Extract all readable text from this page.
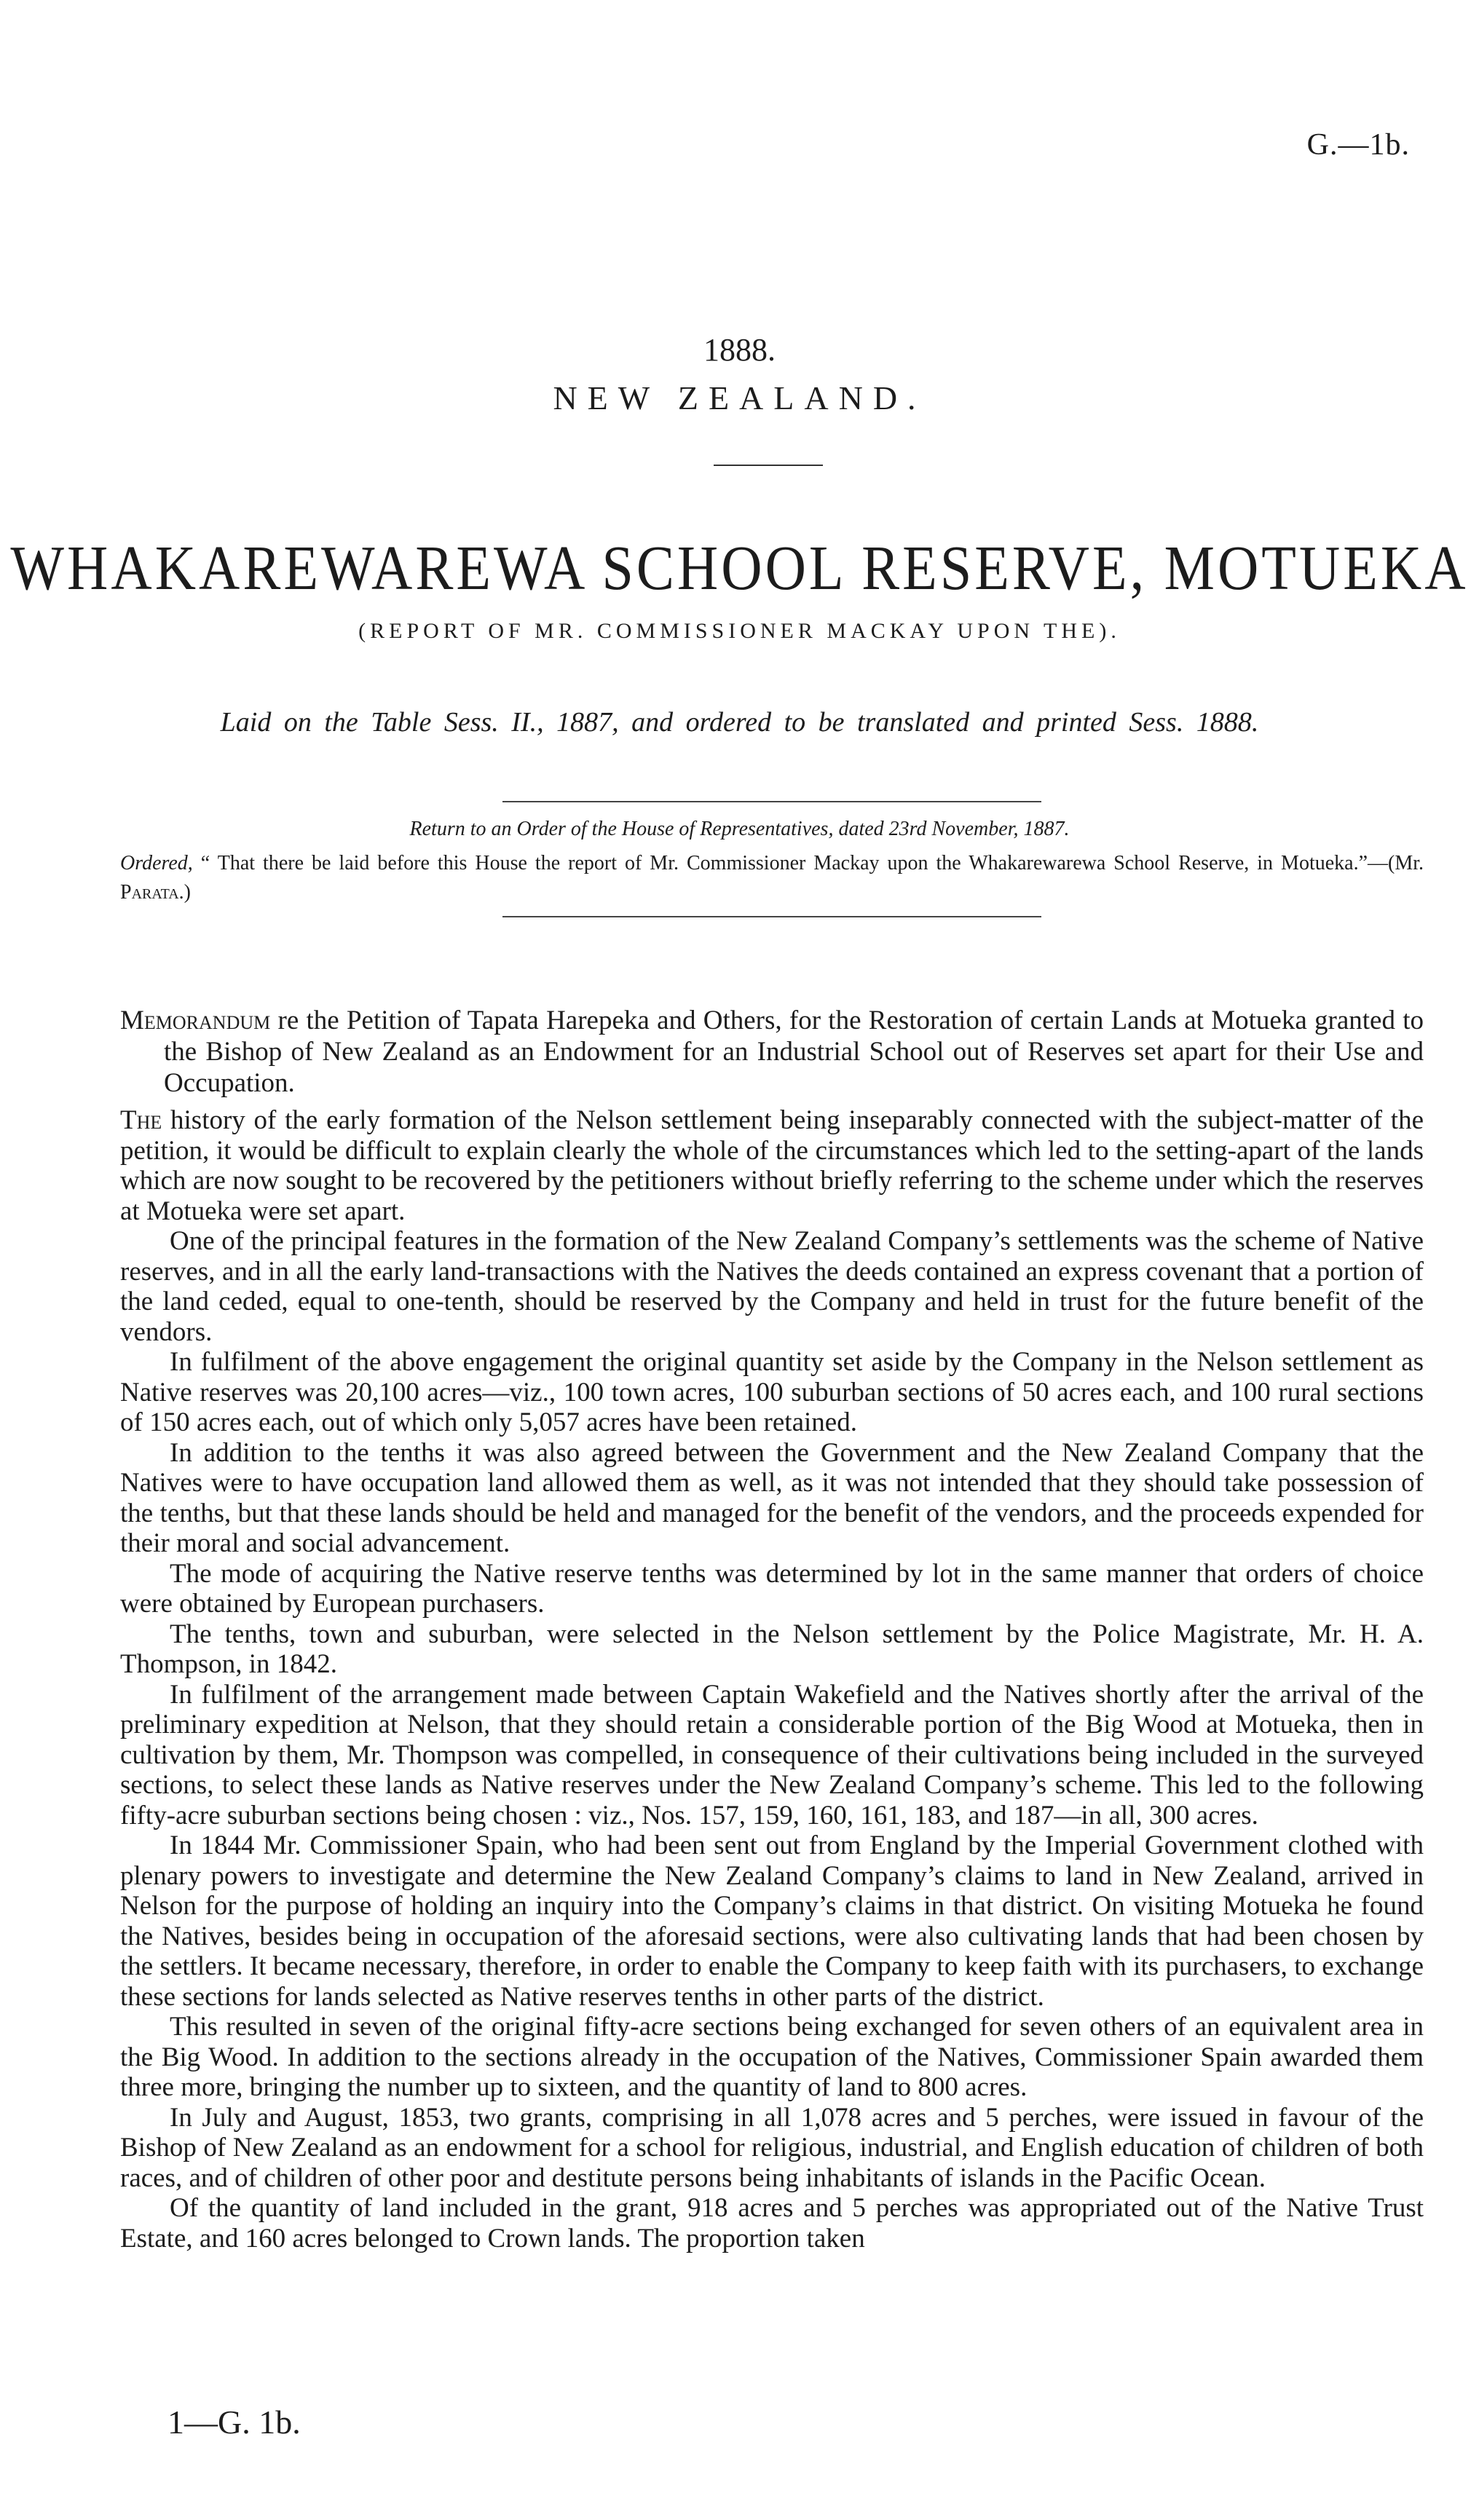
G.—1b.
1888.
NEW ZEALAND.
WHAKAREWAREWA SCHOOL RESERVE, MOTUEKA
(REPORT OF MR. COMMISSIONER MACKAY UPON THE).
Laid on the Table Sess. II., 1887, and ordered to be translated and printed Sess. 1888.
Return to an Order of the House of Representatives, dated 23rd November, 1887.
Ordered, “ That there be laid before this House the report of Mr. Commissioner Mackay upon the Whakarewarewa School Reserve, in Motueka.”—(Mr. Parata.)
Memorandum re the Petition of Tapata Harepeka and Others, for the Restoration of certain Lands at Motueka granted to the Bishop of New Zealand as an Endowment for an Industrial School out of Reserves set apart for their Use and Occupation.

The history of the early formation of the Nelson settlement being inseparably connected with the subject-matter of the petition, it would be difficult to explain clearly the whole of the circumstances which led to the setting-apart of the lands which are now sought to be recovered by the petitioners without briefly referring to the scheme under which the reserves at Motueka were set apart.

One of the principal features in the formation of the New Zealand Company’s settlements was the scheme of Native reserves, and in all the early land-transactions with the Natives the deeds contained an express covenant that a portion of the land ceded, equal to one-tenth, should be reserved by the Company and held in trust for the future benefit of the vendors.

In fulfilment of the above engagement the original quantity set aside by the Company in the Nelson settlement as Native reserves was 20,100 acres—viz., 100 town acres, 100 suburban sections of 50 acres each, and 100 rural sections of 150 acres each, out of which only 5,057 acres have been retained.

In addition to the tenths it was also agreed between the Government and the New Zealand Company that the Natives were to have occupation land allowed them as well, as it was not intended that they should take possession of the tenths, but that these lands should be held and managed for the benefit of the vendors, and the proceeds expended for their moral and social advancement.

The mode of acquiring the Native reserve tenths was determined by lot in the same manner that orders of choice were obtained by European purchasers.

The tenths, town and suburban, were selected in the Nelson settlement by the Police Magistrate, Mr. H. A. Thompson, in 1842.

In fulfilment of the arrangement made between Captain Wakefield and the Natives shortly after the arrival of the preliminary expedition at Nelson, that they should retain a considerable portion of the Big Wood at Motueka, then in cultivation by them, Mr. Thompson was compelled, in consequence of their cultivations being included in the surveyed sections, to select these lands as Native reserves under the New Zealand Company’s scheme. This led to the following fifty-acre suburban sections being chosen : viz., Nos. 157, 159, 160, 161, 183, and 187—in all, 300 acres.

In 1844 Mr. Commissioner Spain, who had been sent out from England by the Imperial Government clothed with plenary powers to investigate and determine the New Zealand Company’s claims to land in New Zealand, arrived in Nelson for the purpose of holding an inquiry into the Company’s claims in that district. On visiting Motueka he found the Natives, besides being in occupation of the aforesaid sections, were also cultivating lands that had been chosen by the settlers. It became necessary, therefore, in order to enable the Company to keep faith with its purchasers, to exchange these sections for lands selected as Native reserves tenths in other parts of the district.

This resulted in seven of the original fifty-acre sections being exchanged for seven others of an equivalent area in the Big Wood. In addition to the sections already in the occupation of the Natives, Commissioner Spain awarded them three more, bringing the number up to sixteen, and the quantity of land to 800 acres.

In July and August, 1853, two grants, comprising in all 1,078 acres and 5 perches, were issued in favour of the Bishop of New Zealand as an endowment for a school for religious, industrial, and English education of children of both races, and of children of other poor and destitute persons being inhabitants of islands in the Pacific Ocean.

Of the quantity of land included in the grant, 918 acres and 5 perches was appropriated out of the Native Trust Estate, and 160 acres belonged to Crown lands. The proportion taken

1—G. 1b.
